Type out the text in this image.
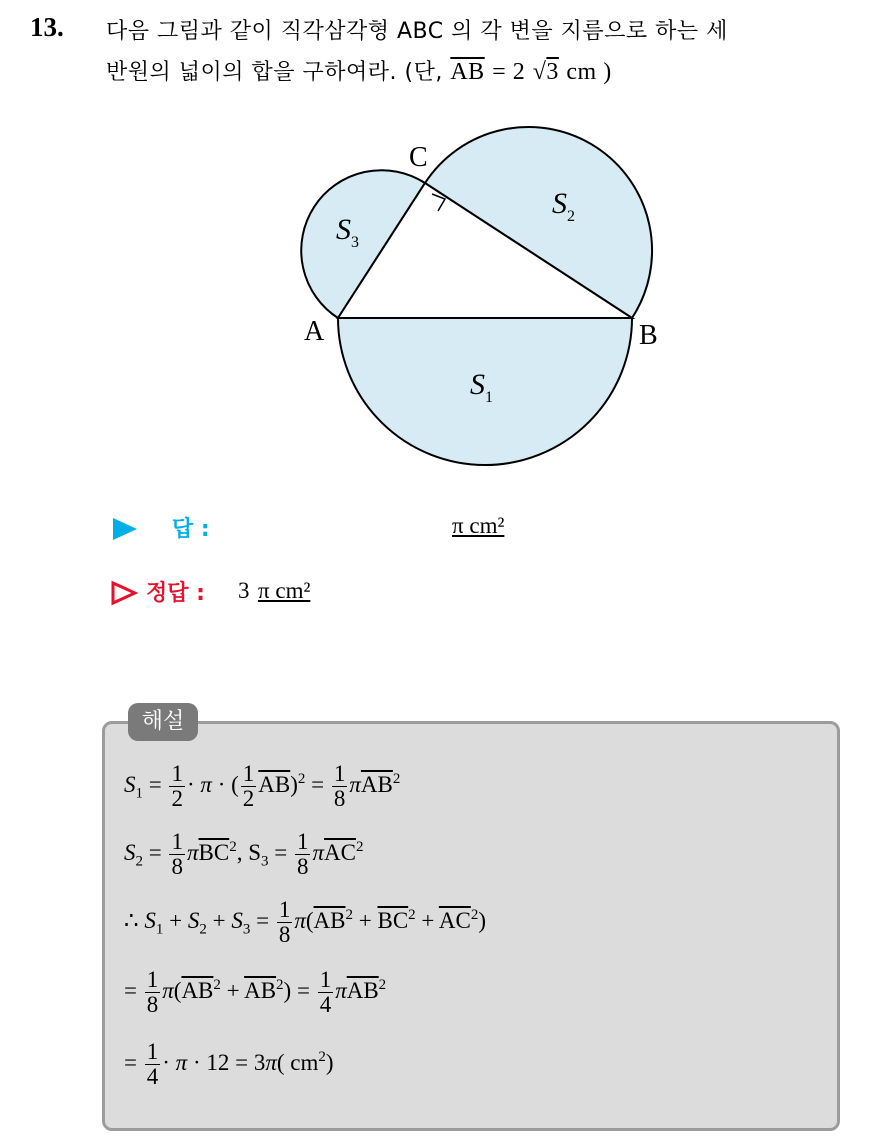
13. 다음 그림과 같이 직각삼각형 ABC 의 각 변을 지름으로 하는 세
반원의 넓이의 합을 구하여라. (단, $\overline{AB} = 2$ √3 cm )
A	B
C
$S_1$
$S_2$
$S_3$
답 :	π cm²
정답 : 3 π cm²
해설
$S_1 = \frac{1}{2} \cdot \pi$ · ( $\frac{1}{2} \overline{AB})^2 = \frac{1}{8} \pi\overline{AB}^2$
$S_2 = \frac{1}{8} \pi\overline{BC}^2$, $S_3 = \frac{1}{8} \pi\overline{AC}^2$
∴ $S_1 + S_2 + S_3 = \frac{1}{8} \pi(\overline{AB}^2 + \overline{BC}^2 + \overline{AC}^2)$
= $\frac{1}{8} \pi(\overline{AB}^2 + \overline{AB}^2) = \frac{1}{4} \pi\overline{AB}^2$
= $\frac{1}{4} \cdot \pi \cdot 12 = 3\pi$( $cm^2$)
